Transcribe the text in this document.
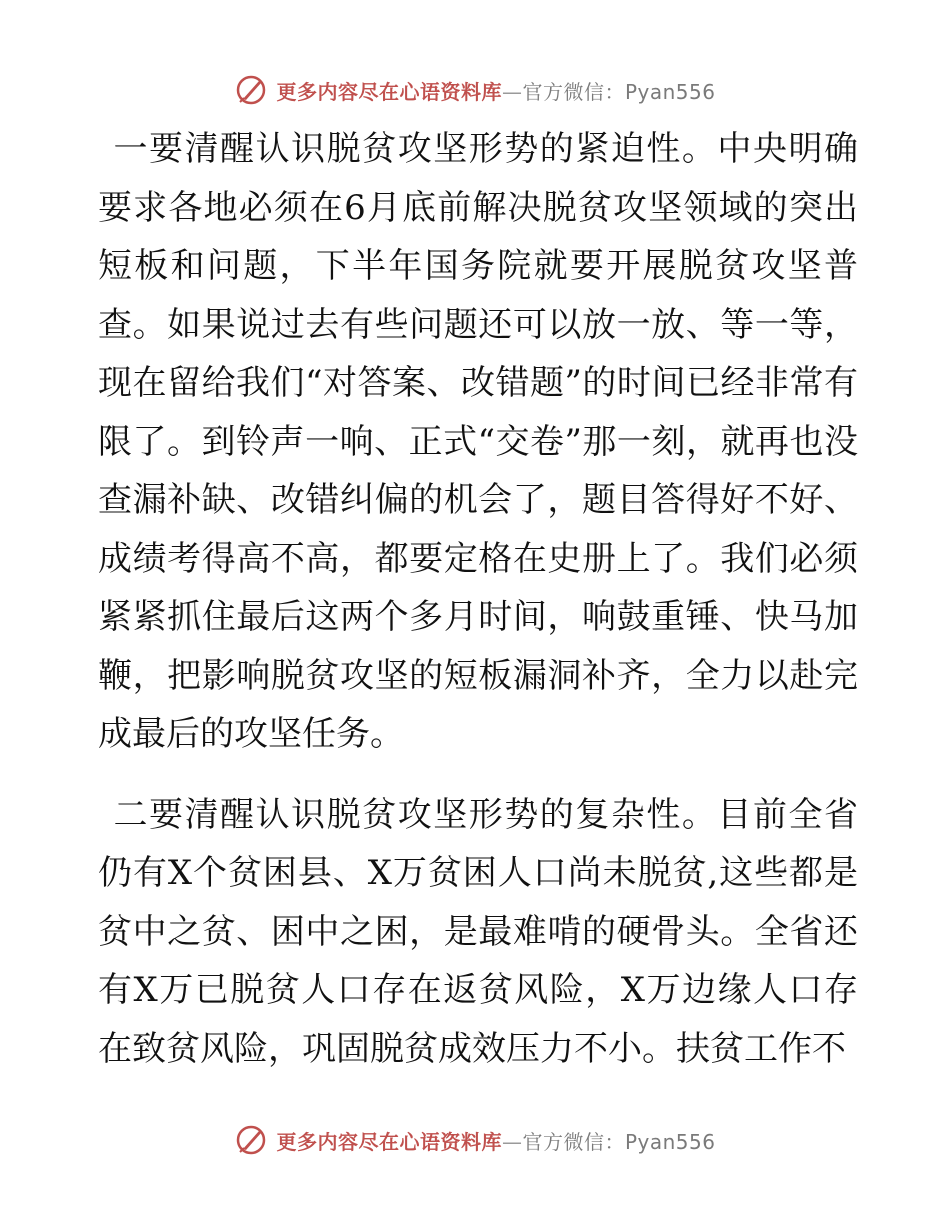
更多内容尽在心语资料库—官方微信：Pyan556

一要清醒认识脱贫攻坚形势的紧迫性。中央明确要求各地必须在6月底前解决脱贫攻坚领域的突出短板和问题，下半年国务院就要开展脱贫攻坚普查。如果说过去有些问题还可以放一放、等一等，现在留给我们“对答案、改错题”的时间已经非常有限了。到铃声一响、正式“交卷”那一刻，就再也没查漏补缺、改错纠偏的机会了，题目答得好不好、成绩考得高不高，都要定格在史册上了。我们必须紧紧抓住最后这两个多月时间，响鼓重锤、快马加鞭，把影响脱贫攻坚的短板漏洞补齐，全力以赴完成最后的攻坚任务。

二要清醒认识脱贫攻坚形势的复杂性。目前全省仍有X个贫困县、X万贫困人口尚未脱贫,这些都是贫中之贫、困中之困，是最难啃的硬骨头。全省还有X万已脱贫人口存在返贫风险，X万边缘人口存在致贫风险，巩固脱贫成效压力不小。扶贫工作不

更多内容尽在心语资料库—官方微信：Pyan556
